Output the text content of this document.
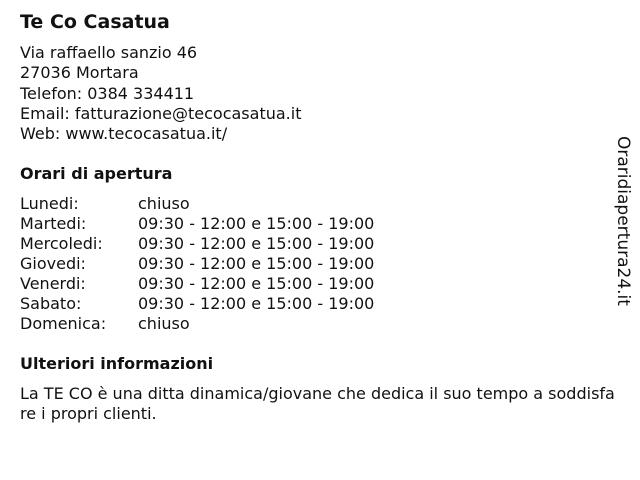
Te Co Casatua
Via raffaello sanzio 46
27036 Mortara
Telefon: 0384 334411
Email: fatturazione@tecocasatua.it
Web: www.tecocasatua.it/
Orari di apertura
Lunedi:	chiuso
Martedi:	09:30 - 12:00 e 15:00 - 19:00
Mercoledi: 09:30 - 12:00 e 15:00 - 19:00
Giovedi:	09:30 - 12:00 e 15:00 - 19:00
Venerdi:	09:30 - 12:00 e 15:00 - 19:00
Sabato:	09:30 - 12:00 e 15:00 - 19:00
Domenica: chiuso
Ulteriori informazioni
La TE CO è una ditta dinamica/giovane che dedica il suo tempo a soddisfare i propri clienti.
Oraridiapertura24.it
